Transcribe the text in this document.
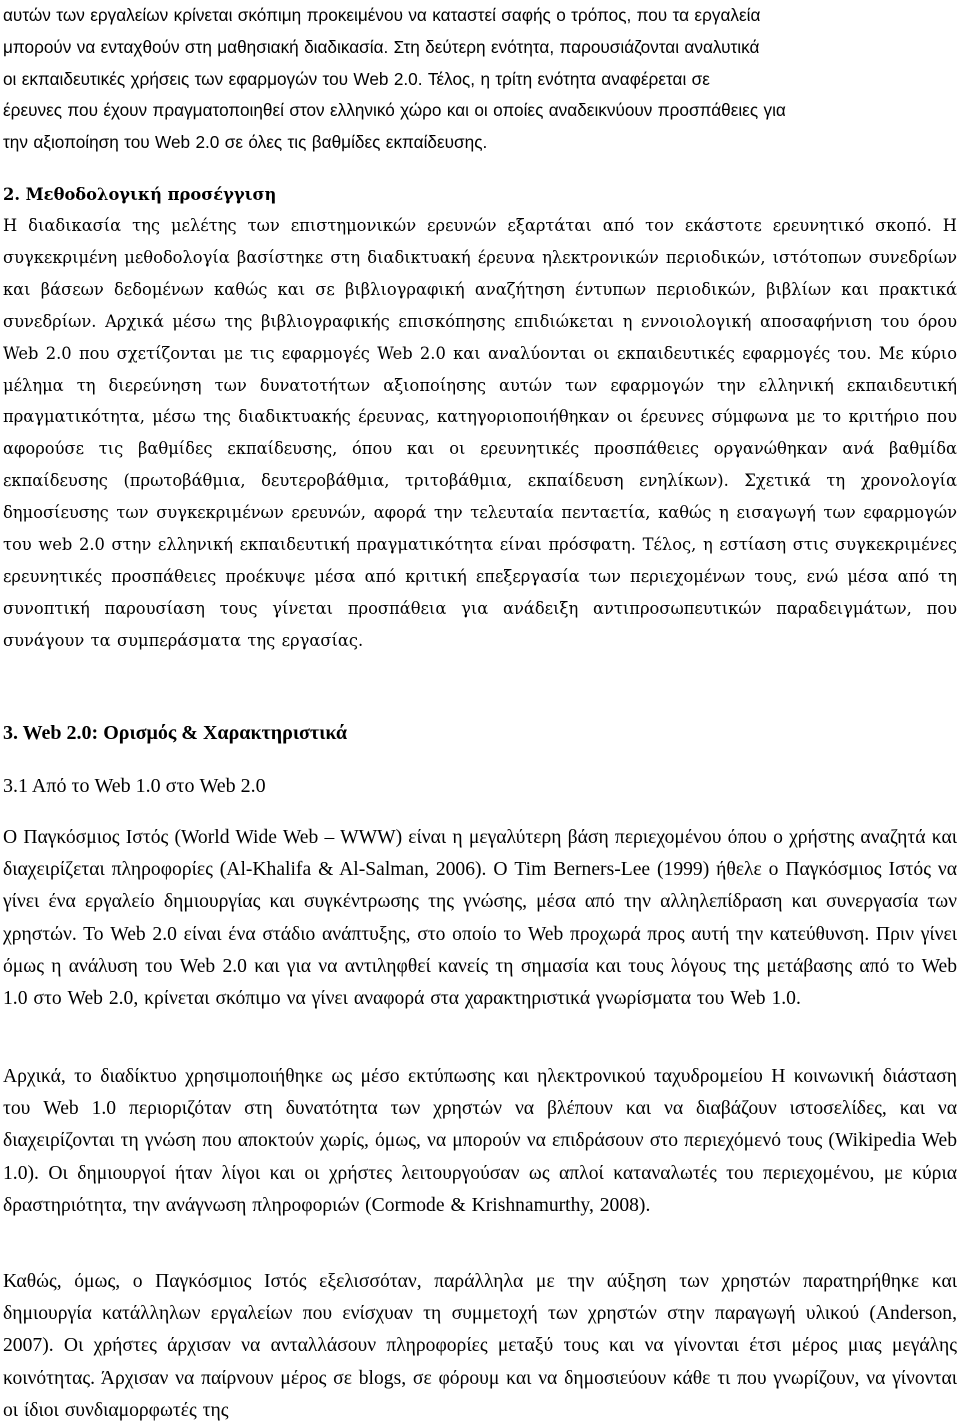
αυτών των εργαλείων κρίνεται σκόπιμη προκειμένου να καταστεί σαφής ο τρόπος, που τα εργαλεία
μπορούν να ενταχθούν στη μαθησιακή διαδικασία. Στη δεύτερη ενότητα, παρουσιάζονται αναλυτικά
οι εκπαιδευτικές χρήσεις των εφαρμογών του Web 2.0. Τέλος, η τρίτη ενότητα αναφέρεται σε
έρευνες που έχουν πραγματοποιηθεί στον ελληνικό χώρο και οι οποίες αναδεικνύουν προσπάθειες για
την αξιοποίηση του Web 2.0 σε όλες τις βαθμίδες εκπαίδευσης.
2. Μεθοδολογική προσέγγιση
Η διαδικασία της μελέτης των επιστημονικών ερευνών εξαρτάται από τον εκάστοτε ερευνητικό σκοπό. Η συγκεκριμένη μεθοδολογία βασίστηκε στη διαδικτυακή έρευνα ηλεκτρονικών περιοδικών, ιστότοπων συνεδρίων και βάσεων δεδομένων καθώς και σε βιβλιογραφική αναζήτηση έντυπων περιοδικών, βιβλίων και πρακτικά συνεδρίων. Αρχικά μέσω της βιβλιογραφικής επισκόπησης επιδιώκεται η εννοιολογική αποσαφήνιση του όρου Web 2.0 που σχετίζονται με τις εφαρμογές Web 2.0 και αναλύονται οι εκπαιδευτικές εφαρμογές του. Με κύριο μέλημα τη διερεύνηση των δυνατοτήτων αξιοποίησης αυτών των εφαρμογών την ελληνική εκπαιδευτική πραγματικότητα, μέσω της διαδικτυακής έρευνας, κατηγοριοποιήθηκαν οι έρευνες σύμφωνα με το κριτήριο που αφορούσε τις βαθμίδες εκπαίδευσης, όπου και οι ερευνητικές προσπάθειες οργανώθηκαν ανά βαθμίδα εκπαίδευσης (πρωτοβάθμια, δευτεροβάθμια, τριτοβάθμια, εκπαίδευση ενηλίκων). Σχετικά τη χρονολογία δημοσίευσης των συγκεκριμένων ερευνών, αφορά την τελευταία πενταετία, καθώς η εισαγωγή των εφαρμογών του web 2.0 στην ελληνική εκπαιδευτική πραγματικότητα είναι πρόσφατη. Τέλος, η εστίαση στις συγκεκριμένες ερευνητικές προσπάθειες προέκυψε μέσα από κριτική επεξεργασία των περιεχομένων τους, ενώ μέσα από τη συνοπτική παρουσίαση τους γίνεται προσπάθεια για ανάδειξη αντιπροσωπευτικών παραδειγμάτων, που συνάγουν τα συμπεράσματα της εργασίας.
3. Web 2.0: Ορισμός & Χαρακτηριστικά
3.1 Από το Web 1.0 στο Web 2.0
Ο Παγκόσμιος Ιστός (World Wide Web – WWW) είναι η μεγαλύτερη βάση περιεχομένου όπου ο χρήστης αναζητά και διαχειρίζεται πληροφορίες (Al-Khalifa & Al-Salman, 2006). Ο Tim Berners-Lee (1999) ήθελε ο Παγκόσμιος Ιστός να γίνει ένα εργαλείο δημιουργίας και συγκέντρωσης της γνώσης, μέσα από την αλληλεπίδραση και συνεργασία των χρηστών. Το Web 2.0 είναι ένα στάδιο ανάπτυξης, στο οποίο το Web προχωρά προς αυτή την κατεύθυνση. Πριν γίνει όμως η ανάλυση του Web 2.0 και για να αντιληφθεί κανείς τη σημασία και τους λόγους της μετάβασης από το Web 1.0 στο Web 2.0, κρίνεται σκόπιμο να γίνει αναφορά στα χαρακτηριστικά γνωρίσματα του Web 1.0.
Αρχικά, το διαδίκτυο χρησιμοποιήθηκε ως μέσο εκτύπωσης και ηλεκτρονικού ταχυδρομείου Η κοινωνική διάσταση του Web 1.0 περιοριζόταν στη δυνατότητα των χρηστών να βλέπουν και να διαβάζουν ιστοσελίδες, και να διαχειρίζονται τη γνώση που αποκτούν χωρίς, όμως, να μπορούν να επιδράσουν στο περιεχόμενό τους (Wikipedia Web 1.0). Οι δημιουργοί ήταν λίγοι και οι χρήστες λειτουργούσαν ως απλοί καταναλωτές του περιεχομένου, με κύρια δραστηριότητα, την ανάγνωση πληροφοριών (Cormode & Krishnamurthy, 2008).
Καθώς, όμως, ο Παγκόσμιος Ιστός εξελισσόταν, παράλληλα με την αύξηση των χρηστών παρατηρήθηκε και δημιουργία κατάλληλων εργαλείων που ενίσχυαν τη συμμετοχή των χρηστών στην παραγωγή υλικού (Anderson, 2007). Οι χρήστες άρχισαν να ανταλλάσουν πληροφορίες μεταξύ τους και να γίνονται έτσι μέρος μιας μεγάλης κοινότητας. Άρχισαν να παίρνουν μέρος σε blogs, σε φόρουμ και να δημοσιεύουν κάθε τι που γνωρίζουν, να γίνονται οι ίδιοι συνδιαμορφωτές της
